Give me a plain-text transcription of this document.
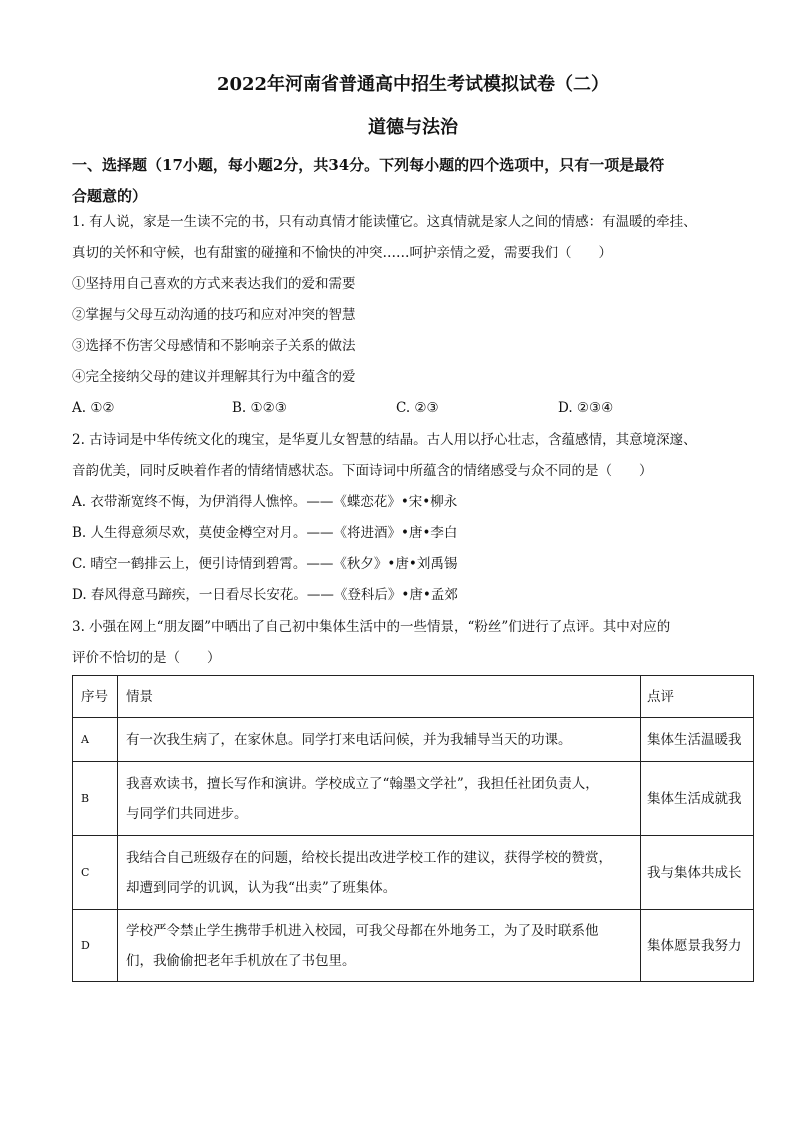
2022年河南省普通高中招生考试模拟试卷（二）
道德与法治
一、选择题（17小题，每小题2分，共34分。下列每小题的四个选项中，只有一项是最符
合题意的）
1. 有人说，家是一生读不完的书，只有动真情才能读懂它。这真情就是家人之间的情感：有温暖的牵挂、
真切的关怀和守候，也有甜蜜的碰撞和不愉快的冲突……呵护亲情之爱，需要我们（　　）
①坚持用自己喜欢的方式来表达我们的爱和需要
②掌握与父母互动沟通的技巧和应对冲突的智慧
③选择不伤害父母感情和不影响亲子关系的做法
④完全接纳父母的建议并理解其行为中蕴含的爱
A. ①②	B. ①②③	C. ②③	D. ②③④
2. 古诗词是中华传统文化的瑰宝，是华夏儿女智慧的结晶。古人用以抒心壮志，含蕴感情，其意境深邃、
音韵优美，同时反映着作者的情绪情感状态。下面诗词中所蕴含的情绪感受与众不同的是（　　）
A. 衣带渐宽终不悔，为伊消得人憔悴。——《蝶恋花》•宋•柳永
B. 人生得意须尽欢，莫使金樽空对月。——《将进酒》•唐•李白
C. 晴空一鹤排云上，便引诗情到碧霄。——《秋夕》•唐•刘禹锡
D. 春风得意马蹄疾，一日看尽长安花。——《登科后》•唐•孟郊
3. 小强在网上“朋友圈”中晒出了自己初中集体生活中的一些情景，“粉丝”们进行了点评。其中对应的
评价不恰切的是（　　）
序号	情景	点评
A	有一次我生病了，在家休息。同学打来电话问候，并为我辅导当天的功课。	集体生活温暖我
B	我喜欢读书，擅长写作和演讲。学校成立了“翰墨文学社”，我担任社团负责人，
与同学们共同进步。	集体生活成就我
C	我结合自己班级存在的问题，给校长提出改进学校工作的建议，获得学校的赞赏，
却遭到同学的讥讽，认为我“出卖”了班集体。	我与集体共成长
D	学校严令禁止学生携带手机进入校园，可我父母都在外地务工，为了及时联系他
们，我偷偷把老年手机放在了书包里。	集体愿景我努力
